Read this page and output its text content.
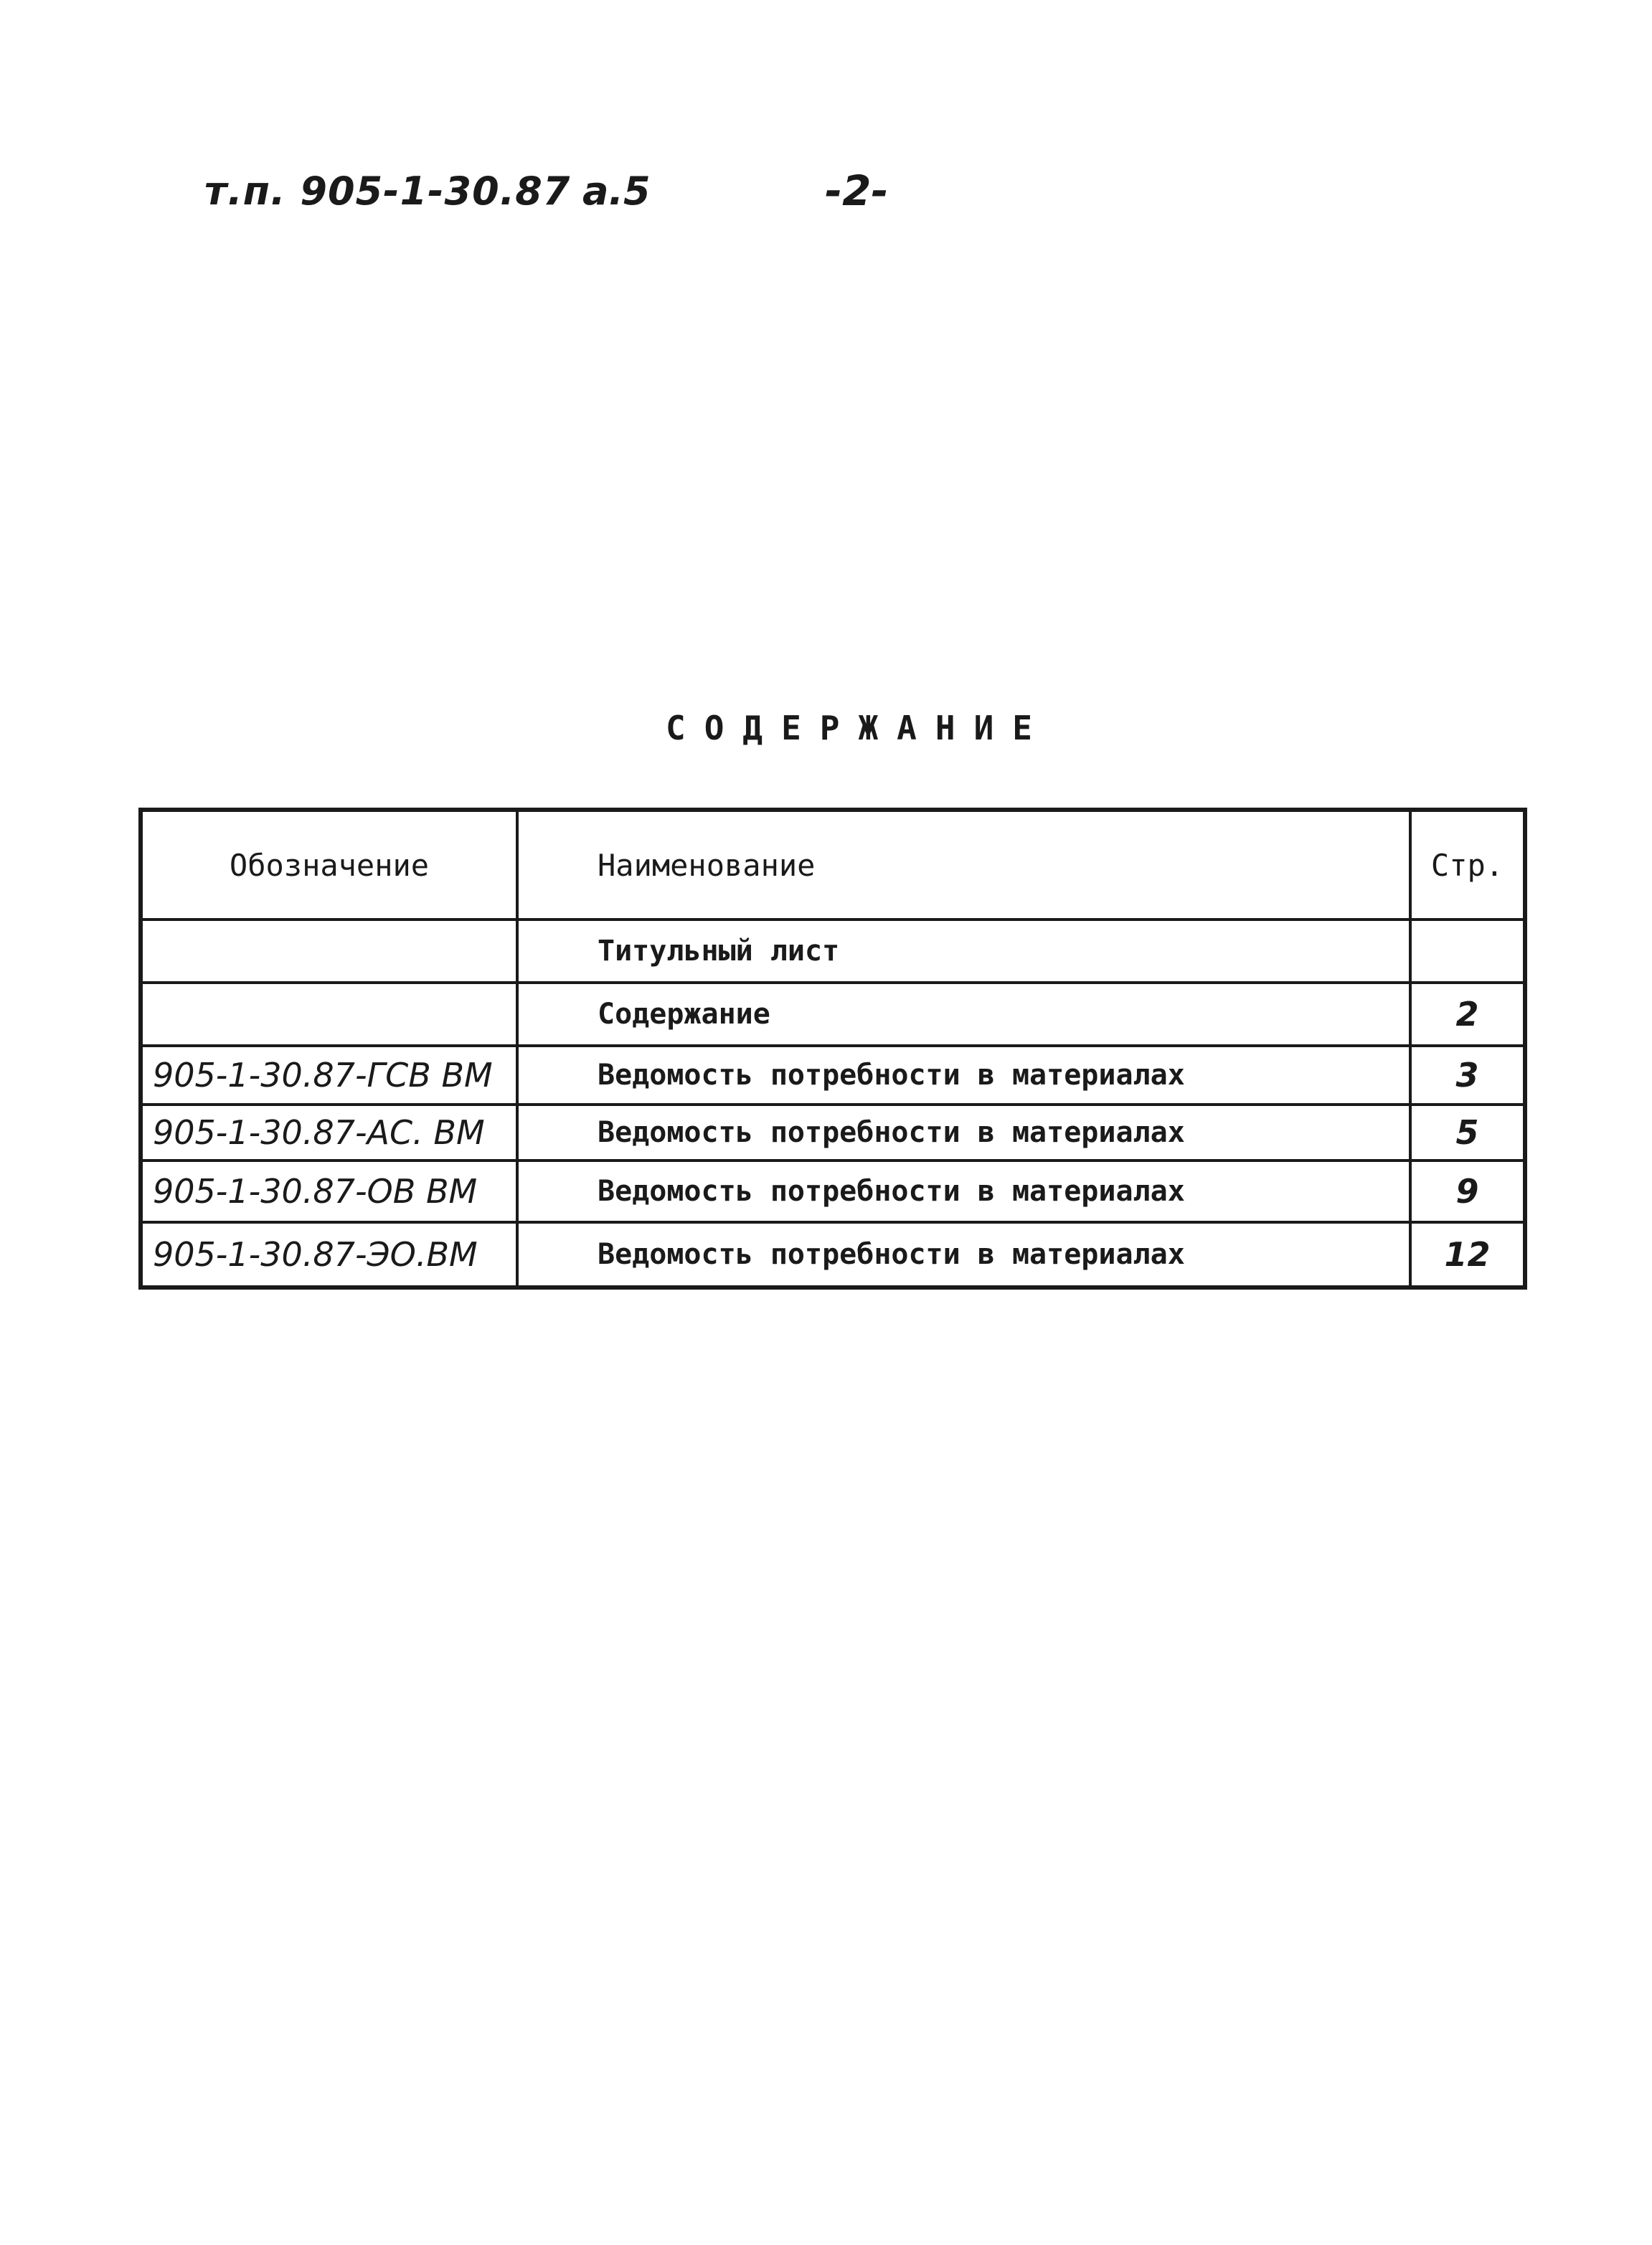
т.п. 905-1-30.87 а.5	-2-
СОДЕРЖАНИЕ
Обозначение	Наименование	Стр.
	Титульный лист	
	Содержание	2
905-1-30.87-ГСВ ВМ	Ведомость потребности в материалах	3
905-1-30.87-АС. ВМ	Ведомость потребности в материалах	5
905-1-30.87-ОВ ВМ	Ведомость потребности в материалах	9
905-1-30.87-ЭО.ВМ	Ведомость потребности в материалах	12
